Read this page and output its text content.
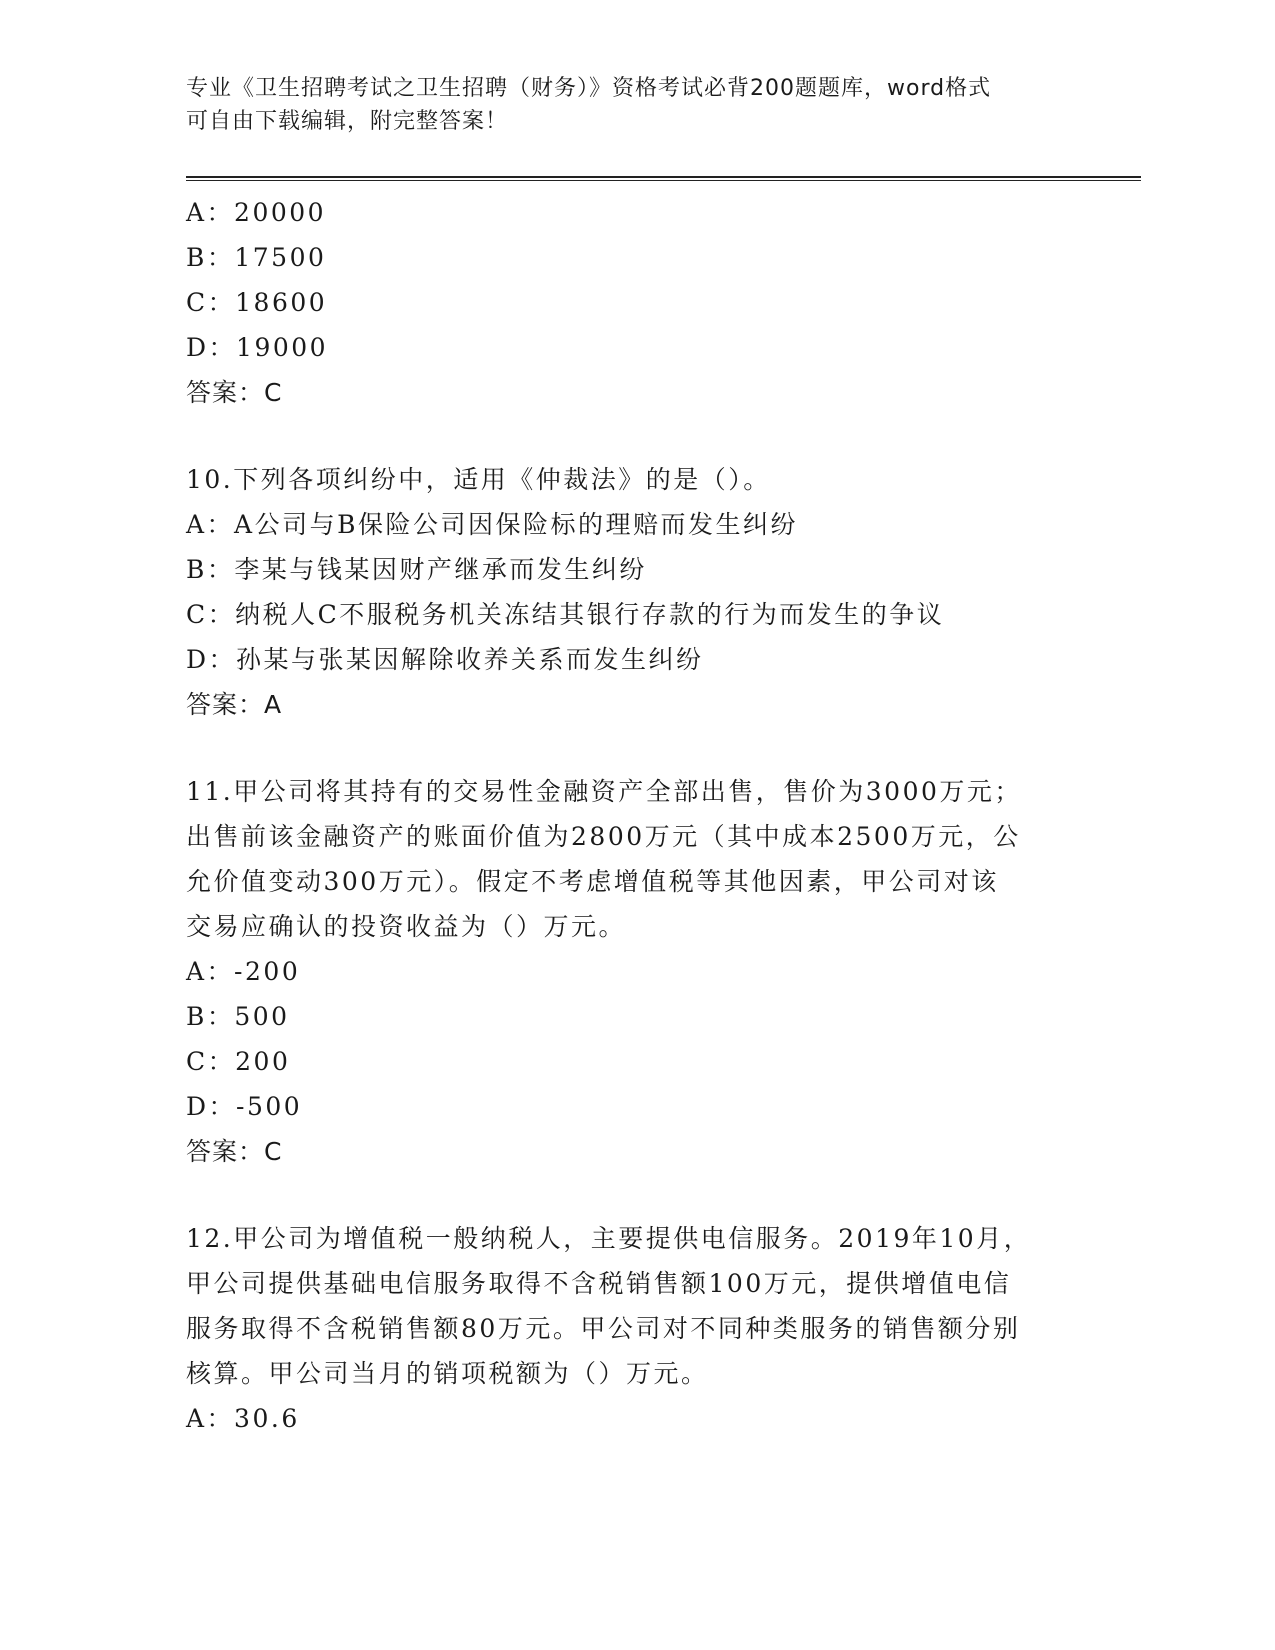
专业《卫生招聘考试之卫生招聘（财务）》资格考试必背200题题库，word格式
可自由下载编辑，附完整答案！
A：20000
B：17500
C：18600
D：19000
答案：C
10.下列各项纠纷中，适用《仲裁法》的是（）。
A：A公司与B保险公司因保险标的理赔而发生纠纷
B：李某与钱某因财产继承而发生纠纷
C：纳税人C不服税务机关冻结其银行存款的行为而发生的争议
D：孙某与张某因解除收养关系而发生纠纷
答案：A
11.甲公司将其持有的交易性金融资产全部出售，售价为3000万元；
出售前该金融资产的账面价值为2800万元（其中成本2500万元，公
允价值变动300万元）。假定不考虑增值税等其他因素，甲公司对该
交易应确认的投资收益为（）万元。
A：-200
B：500
C：200
D：-500
答案：C
12.甲公司为增值税一般纳税人，主要提供电信服务。2019年10月，
甲公司提供基础电信服务取得不含税销售额100万元，提供增值电信
服务取得不含税销售额80万元。甲公司对不同种类服务的销售额分别
核算。甲公司当月的销项税额为（）万元。
A：30.6
